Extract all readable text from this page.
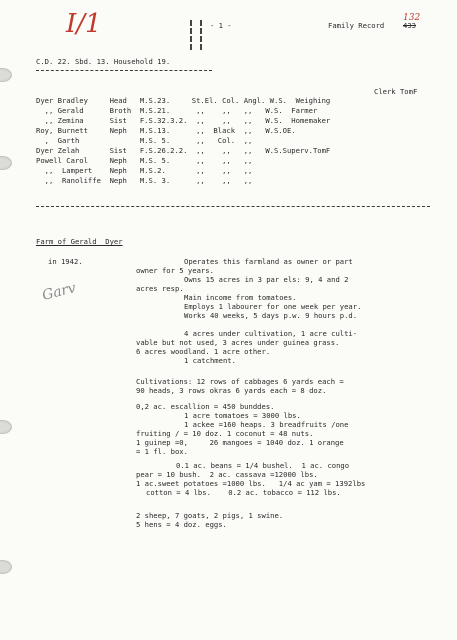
I/1	- 1 -	Family Record
132
433
C.D. 22. Sbd. 13. Household 19.
Clerk TomF
Dyer Bradley     Head   M.S.23.     St.El. Col. Angl. W.S.  Weighing
,, Gerald      Broth  M.S.21.      ,,    ,,   ,,   W.S.  Farmer
,, Zemina      Sist   F.S.32.3.2.  ,,    ,,   ,,   W.S.  Homemaker
Roy, Burnett     Neph   M.S.13.      ,,  Black  ,,   W.S.OE.
,  Garth              M.S. 5.      ,,   Col.  ,,
Dyer Zelah       Sist   F.S.26.2.2.  ,,    ,,   ,,   W.S.Superv.TomF
Powell Carol     Neph   M.S. 5.      ,,    ,,   ,,
,,  Lampert    Neph   M.S.2.       ,,    ,,   ,,
,,  Ranoliffe  Neph   M.S. 3.      ,,    ,,   ,,
Farm of Gerald  Dyer
in 1942.
Garv
Operates this farmland as owner or part
owner for 5 years.
Owns 15 acres in 3 par els: 9, 4 and 2
acres resp.
Main income from tomatoes.
Employs 1 labourer for one week per year.
Works 40 weeks, 5 days p.w. 9 hours p.d.
4 acres under cultivation, 1 acre culti-
vable but not used, 3 acres under guinea grass.
6 acres woodland. 1 acre other.
1 catchment.
Cultivations: 12 rows of cabbages 6 yards each =
90 heads, 3 rows okras 6 yards each = 8 doz.
0,2 ac. escallion = 450 bunddes.
1 acre tomatoes = 3000 lbs.
1 ackee =160 heaps. 3 breadfruits /one
fruiting / = 10 doz. 1 coconut = 48 nuts.
1 guinep =0,     26 mangoes = 1040 doz. 1 orange
= 1 fl. box.
0.1 ac. beans = 1/4 bushel.  1 ac. congo
pear = 10 bush.  2 ac. cassava =12000 lbs.
1 ac.sweet potatoes =1000 lbs.   1/4 ac yam = 1392lbs
cotton = 4 lbs.    0.2 ac. tobacco = 112 lbs.
2 sheep, 7 goats, 2 pigs, 1 swine.
5 hens = 4 doz. eggs.
